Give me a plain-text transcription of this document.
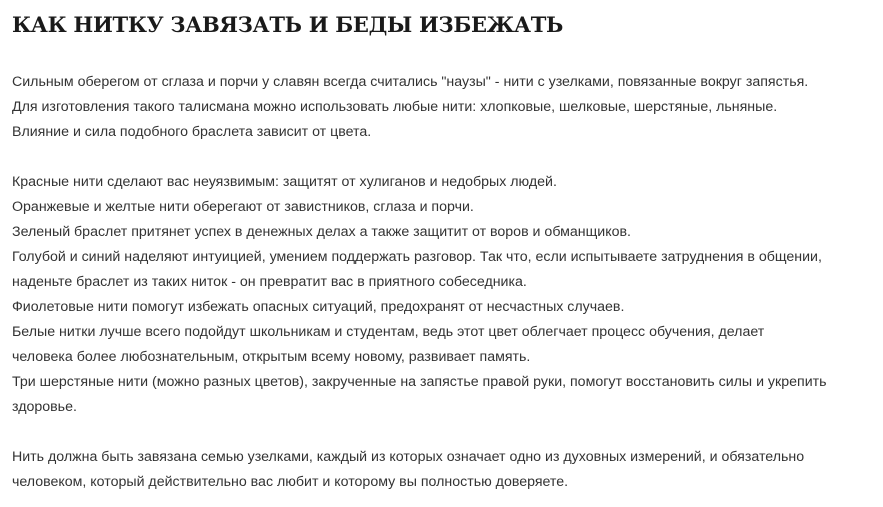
КАК НИТКУ ЗАВЯЗАТЬ И БЕДЫ ИЗБЕЖАТЬ

Сильным оберегом от сглаза и порчи у славян всегда считались "наузы" - нити с узелками, повязанные вокруг запястья.
Для изготовления такого талисмана можно использовать любые нити: хлопковые, шелковые, шерстяные, льняные.
Влияние и сила подобного браслета зависит от цвета.

Красные нити сделают вас неуязвимым: защитят от хулиганов и недобрых людей.
Оранжевые и желтые нити оберегают от завистников, сглаза и порчи.
Зеленый браслет притянет успех в денежных делах а также защитит от воров и обманщиков.
Голубой и синий наделяют интуицией, умением поддержать разговор. Так что, если испытываете затруднения в общении,
наденьте браслет из таких ниток - он превратит вас в приятного собеседника.
Фиолетовые нити помогут избежать опасных ситуаций, предохранят от несчастных случаев.
Белые нитки лучше всего подойдут школьникам и студентам, ведь этот цвет облегчает процесс обучения, делает
человека более любознательным, открытым всему новому, развивает память.
Три шерстяные нити (можно разных цветов), закрученные на запястье правой руки, помогут восстановить силы и укрепить
здоровье.

Нить должна быть завязана семью узелками, каждый из которых означает одно из духовных измерений, и обязательно
человеком, который действительно вас любит и которому вы полностью доверяете.
